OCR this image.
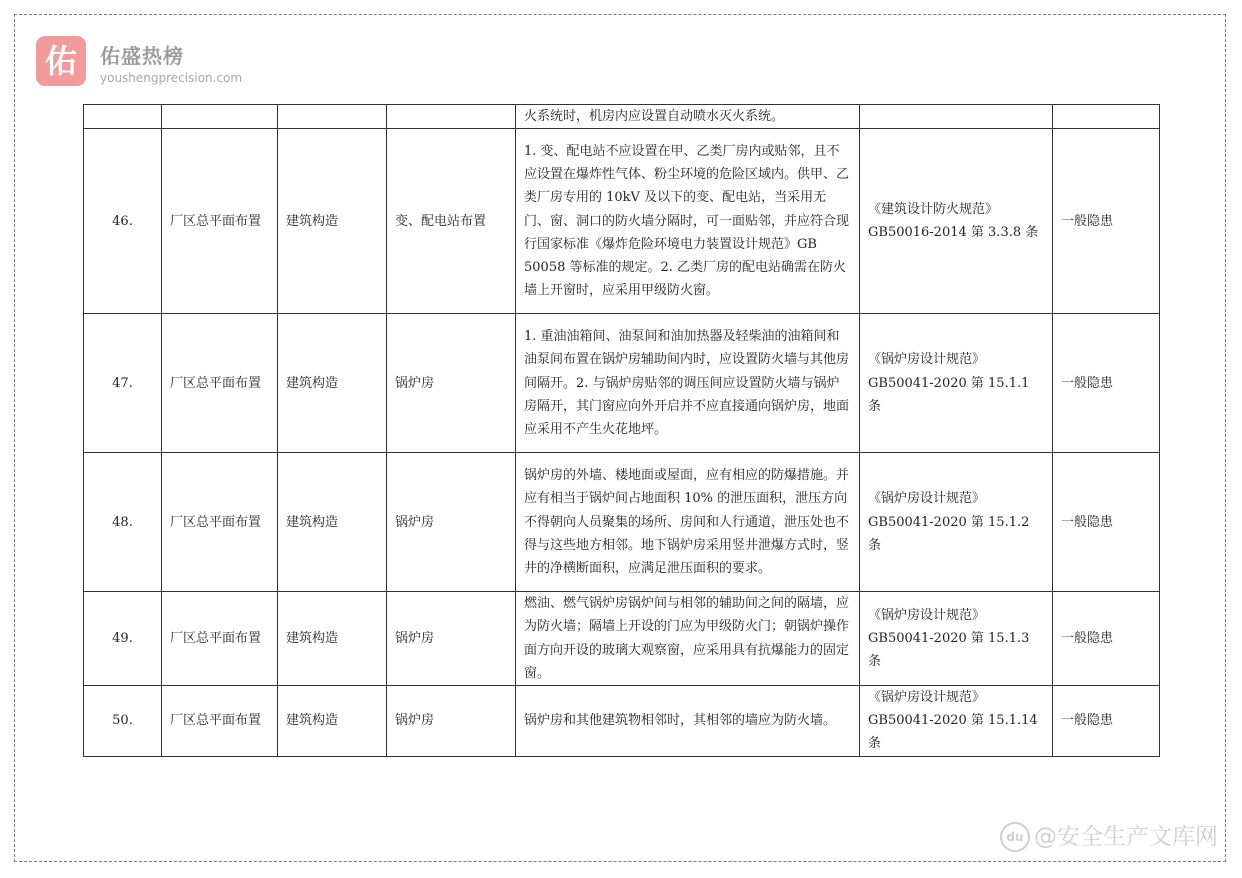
佑	佑盛热榜
youshengprecision.com
				火系统时，机房内应设置自动喷水灭火系统。		
46.	厂区总平面布置	建筑构造	变、配电站布置	1. 变、配电站不应设置在甲、乙类厂房内或贴邻，且不应设置在爆炸性气体、粉尘环境的危险区域内。供甲、乙类厂房专用的 10kV 及以下的变、配电站，当采用无门、窗、洞口的防火墙分隔时，可一面贴邻，并应符合现行国家标准《爆炸危险环境电力装置设计规范》GB 50058 等标准的规定。2. 乙类厂房的配电站确需在防火墙上开窗时，应采用甲级防火窗。	《建筑设计防火规范》GB50016-2014 第 3.3.8 条	一般隐患
47.	厂区总平面布置	建筑构造	锅炉房	1. 重油油箱间、油泵间和油加热器及轻柴油的油箱间和油泵间布置在锅炉房辅助间内时，应设置防火墙与其他房间隔开。2. 与锅炉房贴邻的调压间应设置防火墙与锅炉房隔开，其门窗应向外开启并不应直接通向锅炉房，地面应采用不产生火花地坪。	《锅炉房设计规范》GB50041-2020 第 15.1.1 条	一般隐患
48.	厂区总平面布置	建筑构造	锅炉房	锅炉房的外墙、楼地面或屋面，应有相应的防爆措施。并应有相当于锅炉间占地面积 10% 的泄压面积，泄压方向不得朝向人员聚集的场所、房间和人行通道，泄压处也不得与这些地方相邻。地下锅炉房采用竖井泄爆方式时，竖井的净横断面积，应满足泄压面积的要求。	《锅炉房设计规范》GB50041-2020 第 15.1.2 条	一般隐患
49.	厂区总平面布置	建筑构造	锅炉房	燃油、燃气锅炉房锅炉间与相邻的辅助间之间的隔墙，应为防火墙；隔墙上开设的门应为甲级防火门；朝锅炉操作面方向开设的玻璃大观察窗，应采用具有抗爆能力的固定窗。	《锅炉房设计规范》GB50041-2020 第 15.1.3 条	一般隐患
50.	厂区总平面布置	建筑构造	锅炉房	锅炉房和其他建筑物相邻时，其相邻的墙应为防火墙。	《锅炉房设计规范》GB50041-2020 第 15.1.14 条	一般隐患
du @安全生产文库网
